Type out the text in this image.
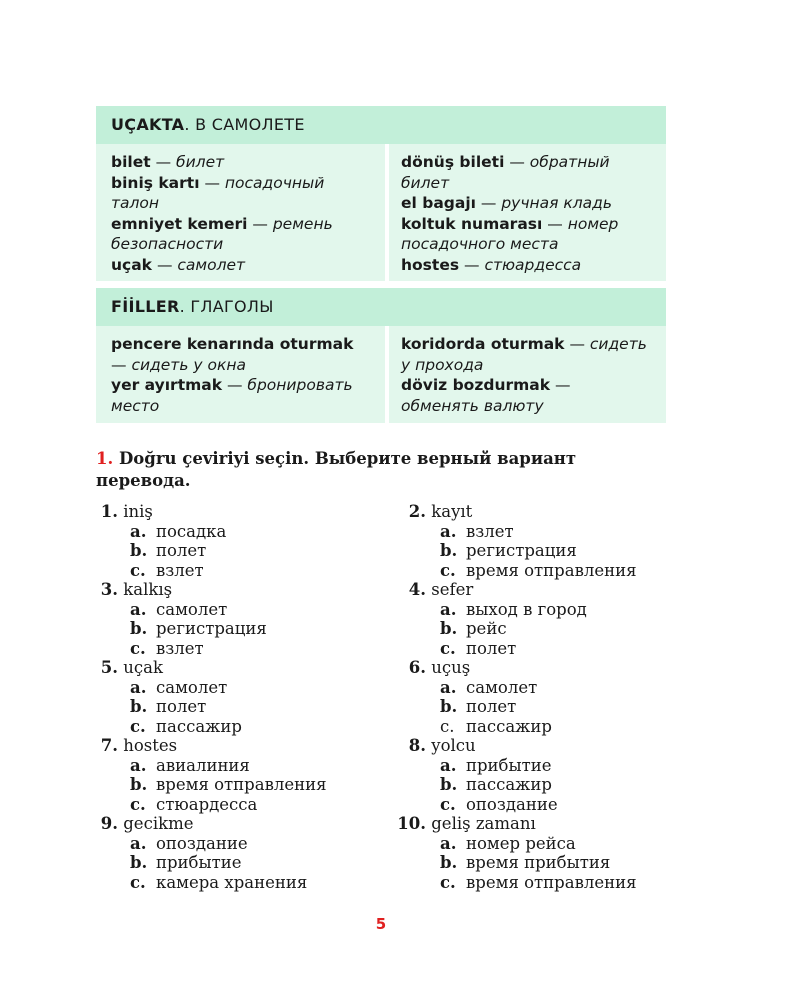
UÇAKTA. В САМОЛЕТЕ
bilet — билет
biniş kartı — посадочный талон
emniyet kemeri — ремень безопасности
uçak — самолет
dönüş bileti — обратный билет
el bagajı — ручная кладь
koltuk numarası — номер посадочного места
hostes — стюардесса
FİİLLER. ГЛАГОЛЫ
pencere kenarında oturmak — сидеть у окна
yer ayırtmak — бронировать место
koridorda oturmak — сидеть у прохода
döviz bozdurmak — обменять валюту
1. Doğru çeviriyi seçin. Выберите верный вариант перевода.
1. iniş
a. посадка
b. полет
c. взлет
3. kalkış
a. самолет
b. регистрация
c. взлет
5. uçak
a. самолет
b. полет
c. пассажир
7. hostes
a. авиалиния
b. время отправления
c. стюардесса
9. gecikme
a. опоздание
b. прибытие
c. камера хранения
2. kayıt
a. взлет
b. регистрация
c. время отправления
4. sefer
a. выход в город
b. рейс
c. полет
6. uçuş
a. самолет
b. полет
c. пассажир
8. yolcu
a. прибытие
b. пассажир
c. опоздание
10. geliş zamanı
a. номер рейса
b. время прибытия
c. время отправления
5
